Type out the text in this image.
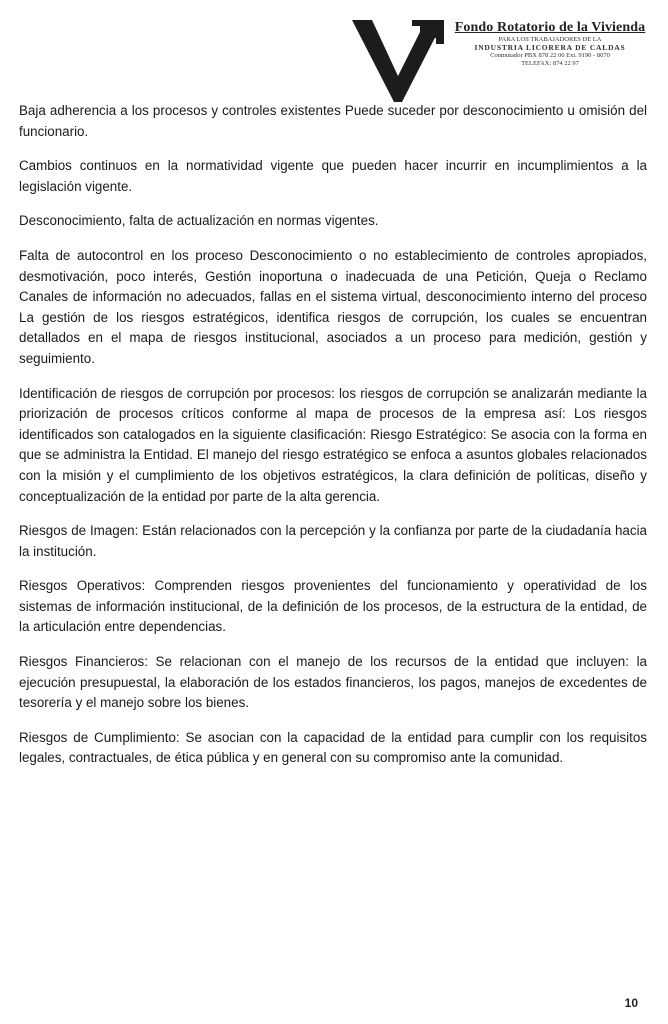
Fondo Rotatorio de la Vivienda
PARA LOS TRABAJADORES DE LA
INDUSTRIA LICORERA DE CALDAS
Conmutador PBX 878 22 00 Ext. 9190 - 8070
TELEFAX: 874 22 97

Baja adherencia a los procesos y controles existentes Puede suceder por desconocimiento u omisión del funcionario.

Cambios continuos en la normatividad vigente que pueden hacer incurrir en incumplimientos a la legislación vigente.

Desconocimiento, falta de actualización en normas vigentes.

Falta de autocontrol en los proceso Desconocimiento o no establecimiento de controles apropiados, desmotivación, poco interés, Gestión inoportuna o inadecuada de una Petición, Queja o Reclamo Canales de información no adecuados, fallas en el sistema virtual, desconocimiento interno del proceso La gestión de los riesgos estratégicos, identifica riesgos de corrupción, los cuales se encuentran detallados en el mapa de riesgos institucional, asociados a un proceso para medición, gestión y seguimiento.

Identificación de riesgos de corrupción por procesos: los riesgos de corrupción se analizarán mediante la priorización de procesos críticos conforme al mapa de procesos de la empresa así: Los riesgos identificados son catalogados en la siguiente clasificación: Riesgo Estratégico: Se asocia con la forma en que se administra la Entidad. El manejo del riesgo estratégico se enfoca a asuntos globales relacionados con la misión y el cumplimiento de los objetivos estratégicos, la clara definición de políticas, diseño y conceptualización de la entidad por parte de la alta gerencia.

Riesgos de Imagen: Están relacionados con la percepción y la confianza por parte de la ciudadanía hacia la institución.

Riesgos Operativos: Comprenden riesgos provenientes del funcionamiento y operatividad de los sistemas de información institucional, de la definición de los procesos, de la estructura de la entidad, de la articulación entre dependencias.

Riesgos Financieros: Se relacionan con el manejo de los recursos de la entidad que incluyen: la ejecución presupuestal, la elaboración de los estados financieros, los pagos, manejos de excedentes de tesorería y el manejo sobre los bienes.

Riesgos de Cumplimiento: Se asocian con la capacidad de la entidad para cumplir con los requisitos legales, contractuales, de ética pública y en general con su compromiso ante la comunidad.

10
